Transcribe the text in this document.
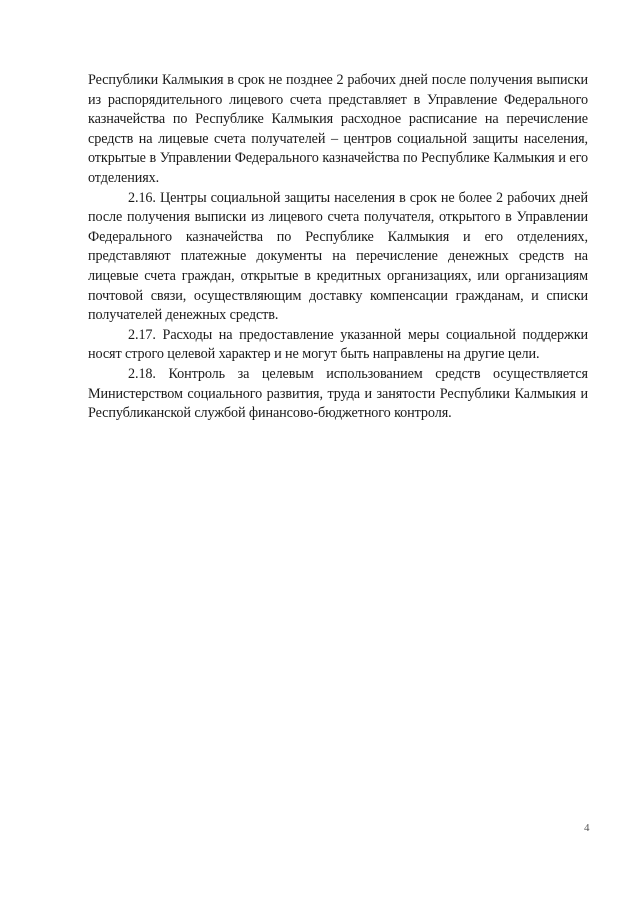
Республики Калмыкия в срок не позднее 2 рабочих дней после получения выписки из распорядительного лицевого счета представляет в Управление Федерального казначейства по Республике Калмыкия расходное расписание на перечисление средств на лицевые счета получателей – центров социальной защиты населения, открытые в Управлении Федерального казначейства по Республике Калмыкия и его отделениях.

2.16. Центры социальной защиты населения в срок не более 2 рабочих дней после получения выписки из лицевого счета получателя, открытого в Управлении Федерального казначейства по Республике Калмыкия и его отделениях, представляют платежные документы на перечисление денежных средств на лицевые счета граждан, открытые в кредитных организациях, или организациям почтовой связи, осуществляющим доставку компенсации гражданам, и списки получателей денежных средств.

2.17. Расходы на предоставление указанной меры социальной поддержки носят строго целевой характер и не могут быть направлены на другие цели.

2.18. Контроль за целевым использованием средств осуществляется Министерством социального развития, труда и занятости Республики Калмыкия и Республиканской службой финансово-бюджетного контроля.

4
